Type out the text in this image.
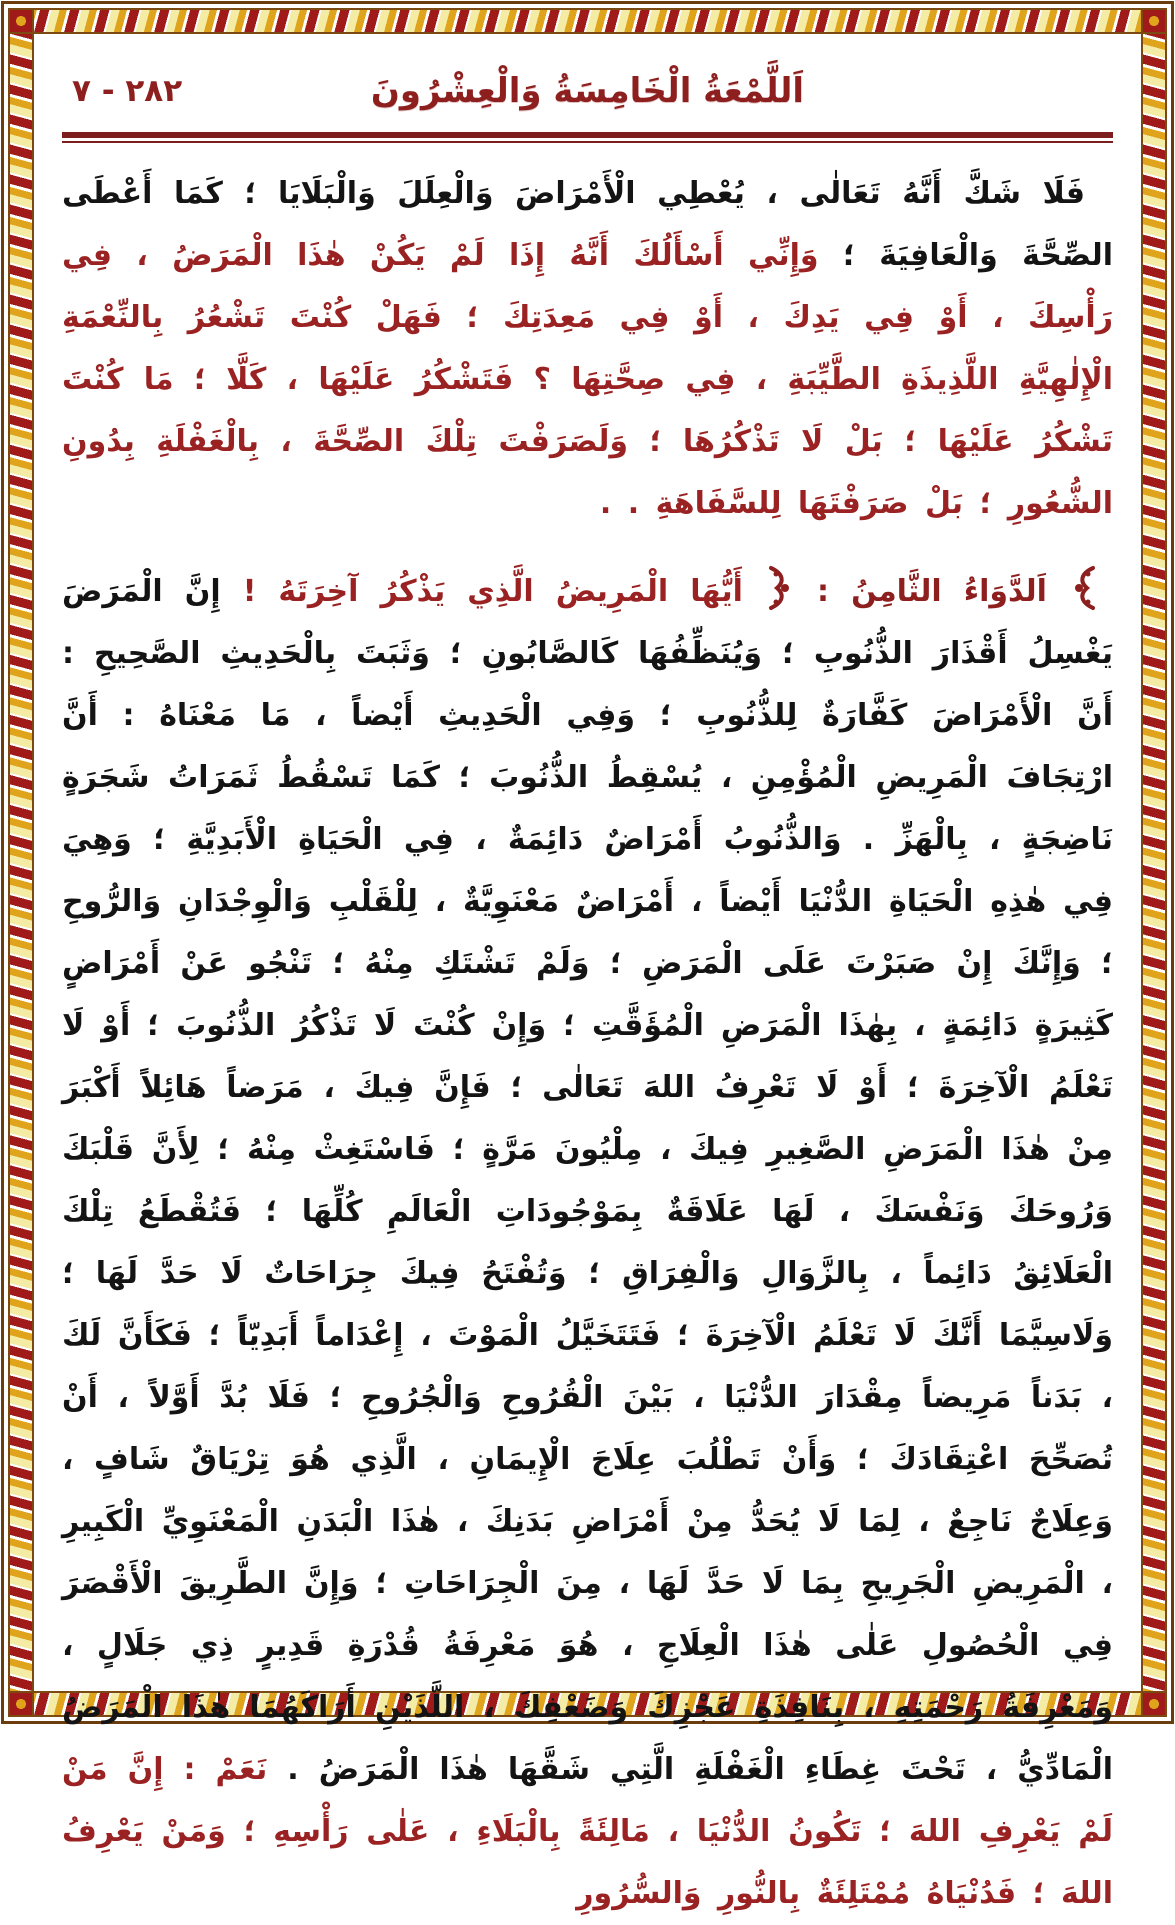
٢٨٢ - ٧	اَللَّمْعَةُ الْخَامِسَةُ وَالْعِشْرُونَ

فَلَا شَكَّ أَنَّهُ تَعَالٰى ، يُعْطِي الْأَمْرَاضَ وَالْعِلَلَ وَالْبَلَايَا ؛ كَمَا أَعْطَى الصِّحَّةَ وَالْعَافِيَةَ ؛ وَإِنِّي أَسْأَلُكَ أَنَّهُ إِذَا لَمْ يَكُنْ هٰذَا الْمَرَضُ ، فِي رَأْسِكَ ، أَوْ فِي يَدِكَ ، أَوْ فِي مَعِدَتِكَ ؛ فَهَلْ كُنْتَ تَشْعُرُ بِالنِّعْمَةِ الْإِلٰهِيَّةِ اللَّذِيذَةِ الطَّيِّبَةِ ، فِي صِحَّتِهَا ؟ فَتَشْكُرُ عَلَيْهَا ، كَلَّا ؛ مَا كُنْتَ تَشْكُرُ عَلَيْهَا ؛ بَلْ لَا تَذْكُرُهَا ؛ وَلَصَرَفْتَ تِلْكَ الصِّحَّةَ ، بِالْغَفْلَةِ بِدُونِ الشُّعُورِ ؛ بَلْ صَرَفْتَهَا لِلسَّفَاهَةِ . .

اَلدَّوَاءُ الثَّامِنُ :
أَيُّهَا الْمَرِيضُ الَّذِي يَذْكُرُ آخِرَتَهُ ! إِنَّ الْمَرَضَ يَغْسِلُ أَقْذَارَ الذُّنُوبِ ؛ وَيُنَظِّفُهَا كَالصَّابُونِ ؛ وَثَبَتَ بِالْحَدِيثِ الصَّحِيحِ : أَنَّ الْأَمْرَاضَ كَفَّارَةٌ لِلذُّنُوبِ ؛ وَفِي الْحَدِيثِ أَيْضاً ، مَا مَعْنَاهُ : أَنَّ ارْتِجَافَ الْمَرِيضِ الْمُؤْمِنِ ، يُسْقِطُ الذُّنُوبَ ؛ كَمَا تَسْقُطُ ثَمَرَاتُ شَجَرَةٍ نَاضِجَةٍ ، بِالْهَزِّ . وَالذُّنُوبُ أَمْرَاضٌ دَائِمَةٌ ، فِي الْحَيَاةِ الْأَبَدِيَّةِ ؛ وَهِيَ فِي هٰذِهِ الْحَيَاةِ الدُّنْيَا أَيْضاً ، أَمْرَاضٌ مَعْنَوِيَّةٌ ، لِلْقَلْبِ وَالْوِجْدَانِ وَالرُّوحِ ؛ وَإِنَّكَ إِنْ صَبَرْتَ عَلَى الْمَرَضِ ؛ وَلَمْ تَشْتَكِ مِنْهُ ؛ تَنْجُو عَنْ أَمْرَاضٍ كَثِيرَةٍ دَائِمَةٍ ، بِهٰذَا الْمَرَضِ الْمُؤَقَّتِ ؛ وَإِنْ كُنْتَ لَا تَذْكُرُ الذُّنُوبَ ؛ أَوْ لَا تَعْلَمُ الْآخِرَةَ ؛ أَوْ لَا تَعْرِفُ اللهَ تَعَالٰى ؛ فَإِنَّ فِيكَ ، مَرَضاً هَائِلاً أَكْبَرَ مِنْ هٰذَا الْمَرَضِ الصَّغِيرِ فِيكَ ، مِلْيُونَ مَرَّةٍ ؛ فَاسْتَغِثْ مِنْهُ ؛ لِأَنَّ قَلْبَكَ وَرُوحَكَ وَنَفْسَكَ ، لَهَا عَلَاقَةٌ بِمَوْجُودَاتِ الْعَالَمِ كُلِّهَا ؛ فَتُقْطَعُ تِلْكَ الْعَلَائِقُ دَائِماً ، بِالزَّوَالِ وَالْفِرَاقِ ؛ وَتُفْتَحُ فِيكَ جِرَاحَاتٌ لَا حَدَّ لَهَا ؛ وَلَاسِيَّمَا أَنَّكَ لَا تَعْلَمُ الْآخِرَةَ ؛ فَتَتَخَيَّلُ الْمَوْتَ ، إِعْدَاماً أَبَدِيّاً ؛ فَكَأَنَّ لَكَ ، بَدَناً مَرِيضاً مِقْدَارَ الدُّنْيَا ، بَيْنَ الْقُرُوحِ وَالْجُرُوحِ ؛ فَلَا بُدَّ أَوَّلاً ، أَنْ تُصَحِّحَ اعْتِقَادَكَ ؛ وَأَنْ تَطْلُبَ عِلَاجَ الْإِيمَانِ ، الَّذِي هُوَ تِرْيَاقٌ شَافٍ ، وَعِلَاجٌ نَاجِعٌ ، لِمَا لَا يُحَدُّ مِنْ أَمْرَاضِ بَدَنِكَ ، هٰذَا الْبَدَنِ الْمَعْنَوِيِّ الْكَبِيرِ ، الْمَرِيضِ الْجَرِيحِ بِمَا لَا حَدَّ لَهَا ، مِنَ الْجِرَاحَاتِ ؛ وَإِنَّ الطَّرِيقَ الْأَقْصَرَ فِي الْحُصُولِ عَلٰى هٰذَا الْعِلَاجِ ، هُوَ مَعْرِفَةُ قُدْرَةِ قَدِيرٍ ذِي جَلَالٍ ، وَمَعْرِفَةُ رَحْمَتِهِ ، بِنَافِذَةِ عَجْزِكَ وَضَعْفِكَ ، اللَّذَيْنِ أَرَاكَهُمَا هٰذَا الْمَرَضُ الْمَادِّيُّ ، تَحْتَ غِطَاءِ الْغَفْلَةِ الَّتِي شَقَّهَا هٰذَا الْمَرَضُ . نَعَمْ : إِنَّ مَنْ لَمْ يَعْرِفِ اللهَ ؛ تَكُونُ الدُّنْيَا ، مَالِئَةً بِالْبَلَاءِ ، عَلٰى رَأْسِهِ ؛ وَمَنْ يَعْرِفُ اللهَ ؛ فَدُنْيَاهُ مُمْتَلِئَةٌ بِالنُّورِ وَالسُّرُورِ
